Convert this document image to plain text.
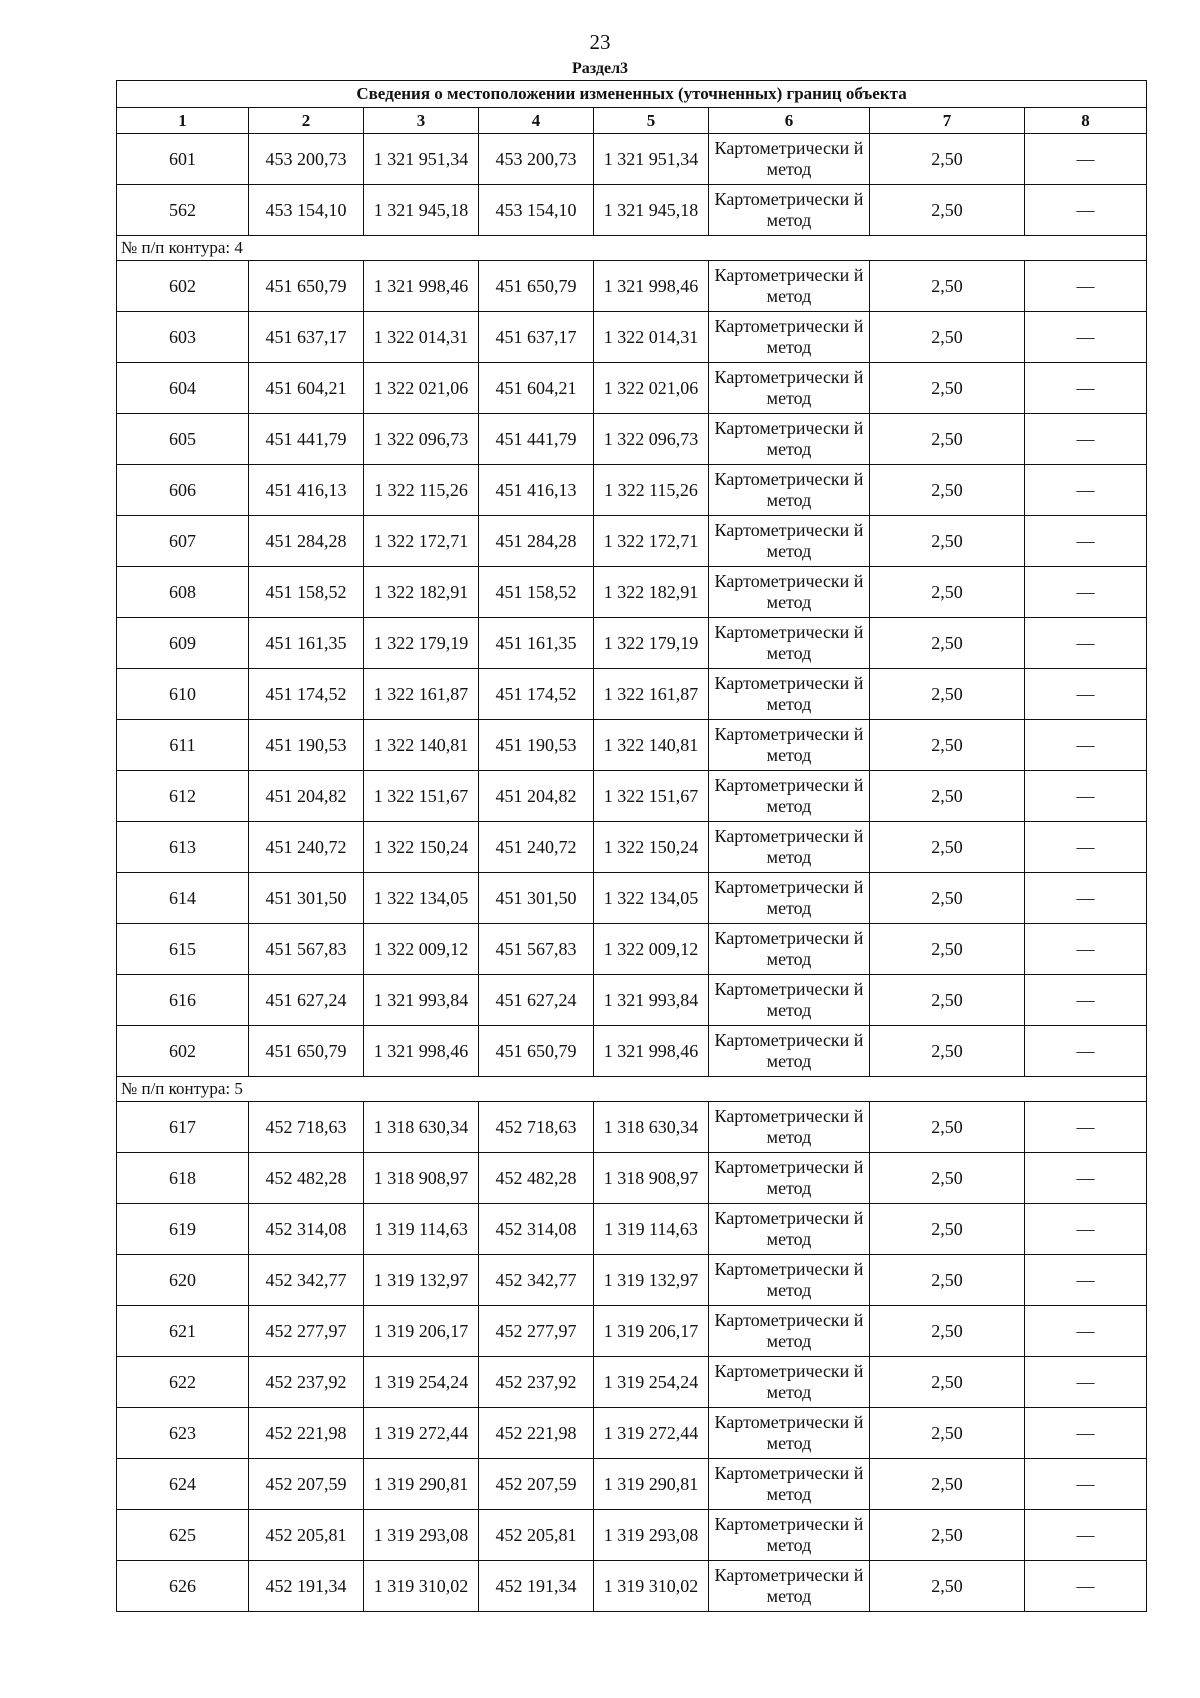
23
Раздел3
Сведения о местоположении измененных (уточненных) границ объекта							
1	2	3	4	5	6	7	8
601	453 200,73	1 321 951,34	453 200,73	1 321 951,34	Картометрически й метод	2,50	—
562	453 154,10	1 321 945,18	453 154,10	1 321 945,18	Картометрически й метод	2,50	—
№ п/п контура: 4							
602	451 650,79	1 321 998,46	451 650,79	1 321 998,46	Картометрически й метод	2,50	—
603	451 637,17	1 322 014,31	451 637,17	1 322 014,31	Картометрически й метод	2,50	—
604	451 604,21	1 322 021,06	451 604,21	1 322 021,06	Картометрически й метод	2,50	—
605	451 441,79	1 322 096,73	451 441,79	1 322 096,73	Картометрически й метод	2,50	—
606	451 416,13	1 322 115,26	451 416,13	1 322 115,26	Картометрически й метод	2,50	—
607	451 284,28	1 322 172,71	451 284,28	1 322 172,71	Картометрически й метод	2,50	—
608	451 158,52	1 322 182,91	451 158,52	1 322 182,91	Картометрически й метод	2,50	—
609	451 161,35	1 322 179,19	451 161,35	1 322 179,19	Картометрически й метод	2,50	—
610	451 174,52	1 322 161,87	451 174,52	1 322 161,87	Картометрически й метод	2,50	—
611	451 190,53	1 322 140,81	451 190,53	1 322 140,81	Картометрически й метод	2,50	—
612	451 204,82	1 322 151,67	451 204,82	1 322 151,67	Картометрически й метод	2,50	—
613	451 240,72	1 322 150,24	451 240,72	1 322 150,24	Картометрически й метод	2,50	—
614	451 301,50	1 322 134,05	451 301,50	1 322 134,05	Картометрически й метод	2,50	—
615	451 567,83	1 322 009,12	451 567,83	1 322 009,12	Картометрически й метод	2,50	—
616	451 627,24	1 321 993,84	451 627,24	1 321 993,84	Картометрически й метод	2,50	—
602	451 650,79	1 321 998,46	451 650,79	1 321 998,46	Картометрически й метод	2,50	—
№ п/п контура: 5							
617	452 718,63	1 318 630,34	452 718,63	1 318 630,34	Картометрически й метод	2,50	—
618	452 482,28	1 318 908,97	452 482,28	1 318 908,97	Картометрически й метод	2,50	—
619	452 314,08	1 319 114,63	452 314,08	1 319 114,63	Картометрически й метод	2,50	—
620	452 342,77	1 319 132,97	452 342,77	1 319 132,97	Картометрически й метод	2,50	—
621	452 277,97	1 319 206,17	452 277,97	1 319 206,17	Картометрически й метод	2,50	—
622	452 237,92	1 319 254,24	452 237,92	1 319 254,24	Картометрически й метод	2,50	—
623	452 221,98	1 319 272,44	452 221,98	1 319 272,44	Картометрически й метод	2,50	—
624	452 207,59	1 319 290,81	452 207,59	1 319 290,81	Картометрически й метод	2,50	—
625	452 205,81	1 319 293,08	452 205,81	1 319 293,08	Картометрически й метод	2,50	—
626	452 191,34	1 319 310,02	452 191,34	1 319 310,02	Картометрически й метод	2,50	—
